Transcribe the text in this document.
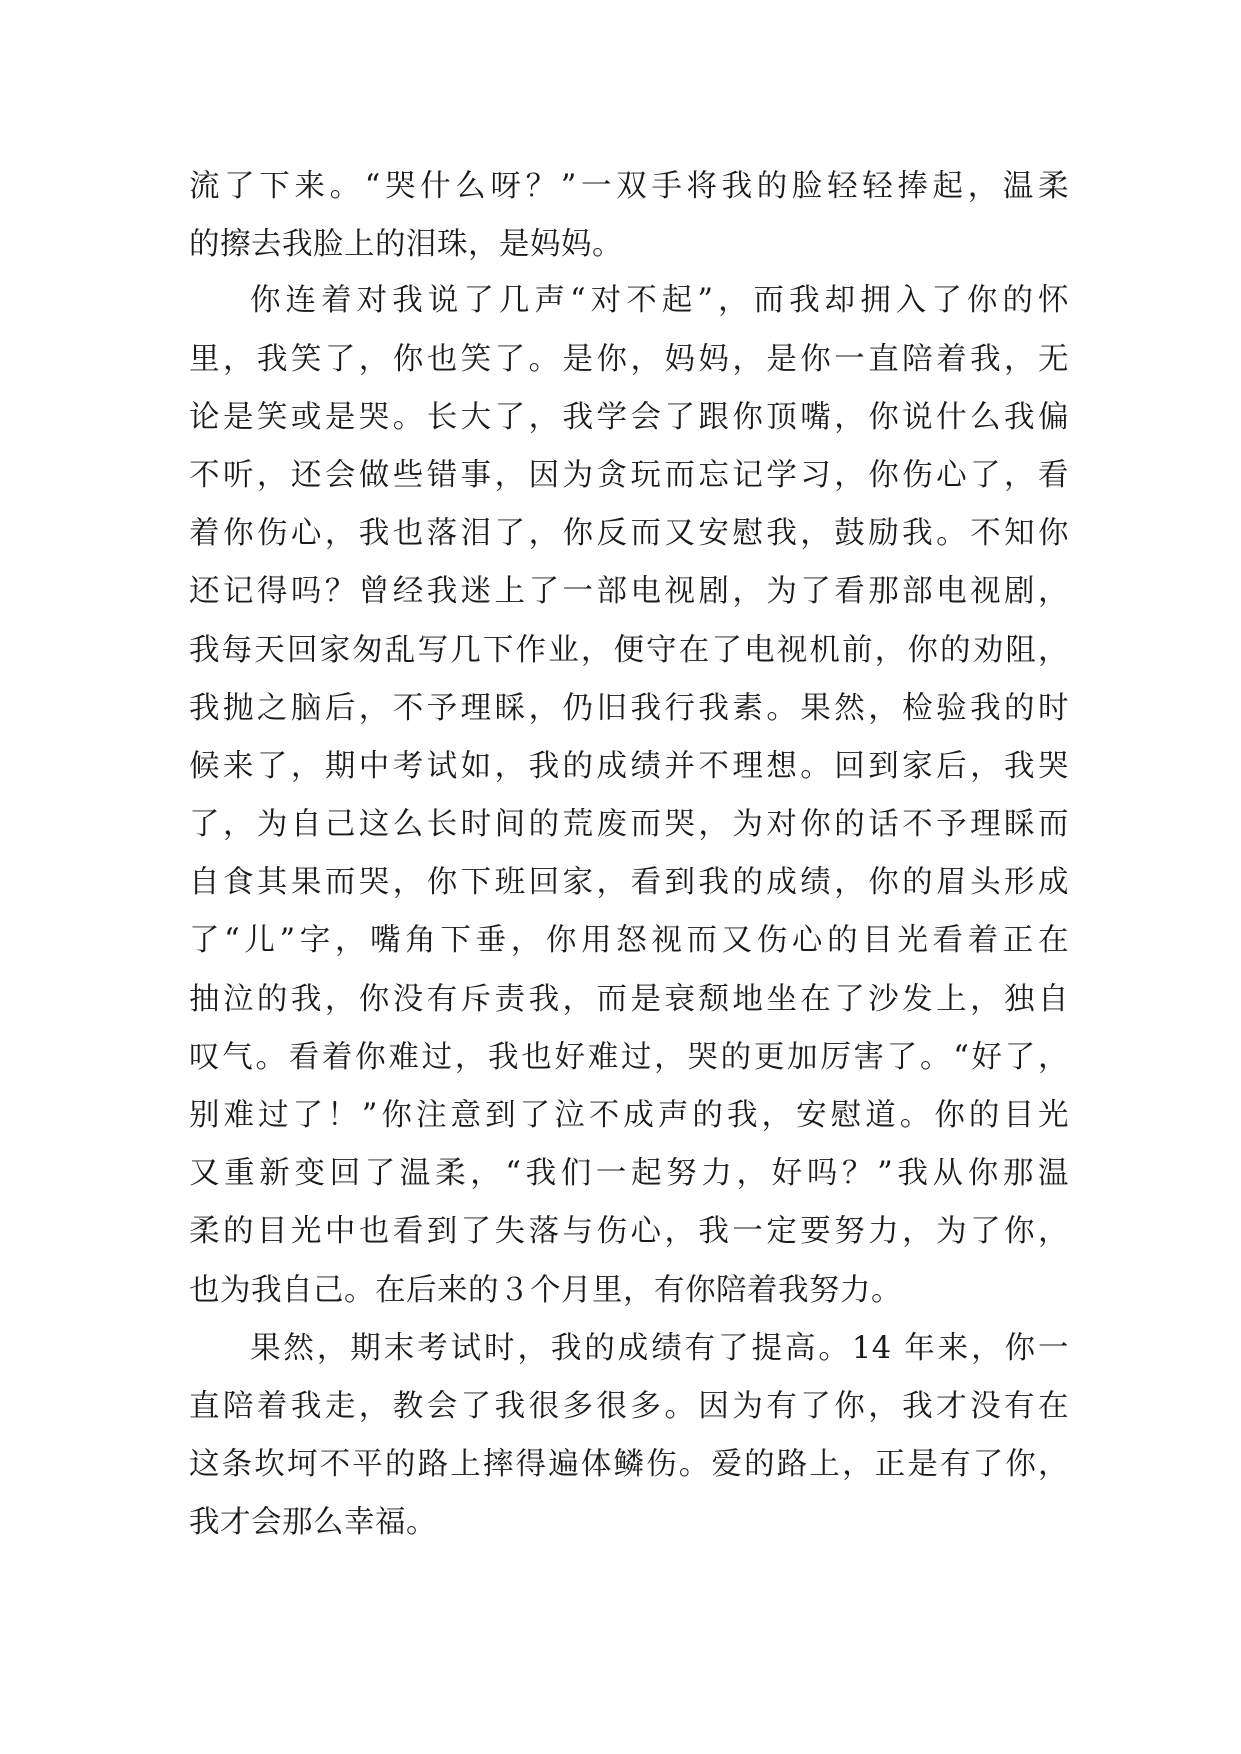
流了下来。“哭什么呀？”一双手将我的脸轻轻捧起，温柔
的擦去我脸上的泪珠，是妈妈。
你连着对我说了几声“对不起”，而我却拥入了你的怀
里，我笑了，你也笑了。是你，妈妈，是你一直陪着我，无
论是笑或是哭。长大了，我学会了跟你顶嘴，你说什么我偏
不听，还会做些错事，因为贪玩而忘记学习，你伤心了，看
着你伤心，我也落泪了，你反而又安慰我，鼓励我。不知你
还记得吗？曾经我迷上了一部电视剧，为了看那部电视剧，
我每天回家匆乱写几下作业，便守在了电视机前，你的劝阻，
我抛之脑后，不予理睬，仍旧我行我素。果然，检验我的时
候来了，期中考试如，我的成绩并不理想。回到家后，我哭
了，为自己这么长时间的荒废而哭，为对你的话不予理睬而
自食其果而哭，你下班回家，看到我的成绩，你的眉头形成
了“儿”字，嘴角下垂，你用怒视而又伤心的目光看着正在
抽泣的我，你没有斥责我，而是衰颓地坐在了沙发上，独自
叹气。看着你难过，我也好难过，哭的更加厉害了。“好了，
别难过了！”你注意到了泣不成声的我，安慰道。你的目光
又重新变回了温柔，“我们一起努力，好吗？”我从你那温
柔的目光中也看到了失落与伤心，我一定要努力，为了你，
也为我自己。在后来的３个月里，有你陪着我努力。
果然，期末考试时，我的成绩有了提高。14 年来，你一
直陪着我走，教会了我很多很多。因为有了你，我才没有在
这条坎坷不平的路上摔得遍体鳞伤。爱的路上，正是有了你，
我才会那么幸福。
